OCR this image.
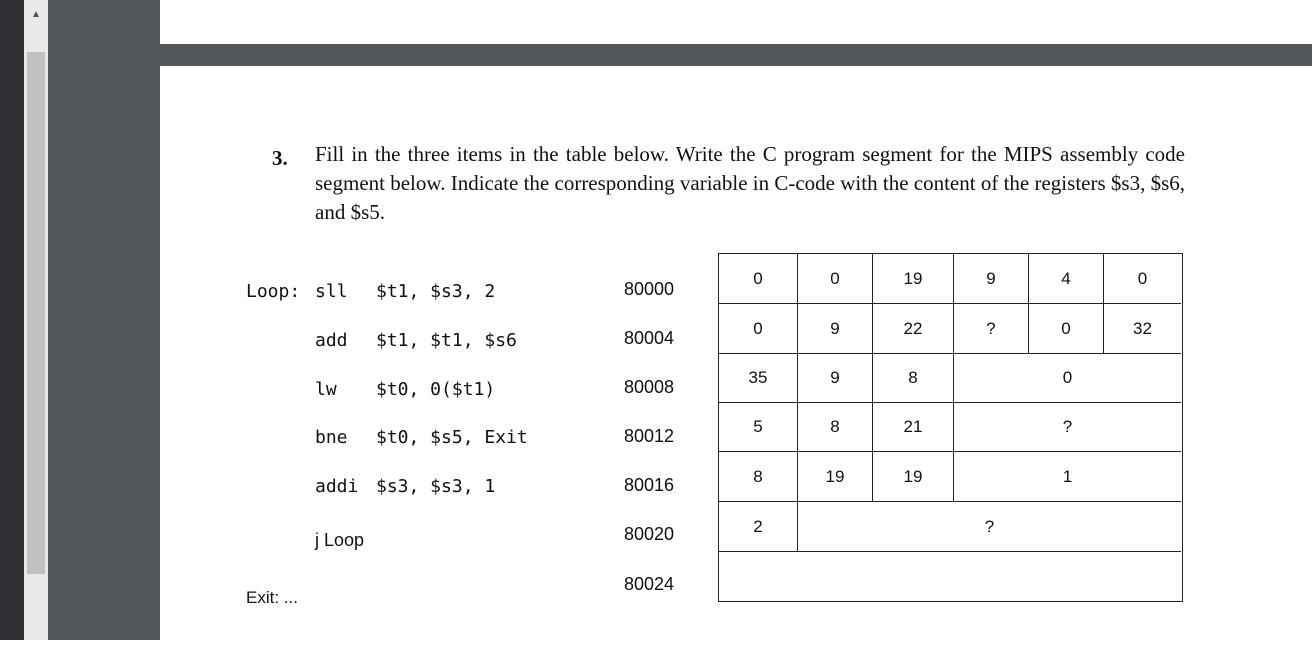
▲
3. Fill in the three items in the table below. Write the C program segment for the MIPS assembly code segment below. Indicate the corresponding variable in C-code with the content of the registers $s3, $s6, and $s5.
Loop: sll $t1, $s3, 2
add $t1, $t1, $s6
lw $t0, 0($t1)
bne $t0, $s5, Exit
addi $s3, $s3, 1
j Loop
Exit: ...
80000
80004
80008
80012
80016
80020
80024
0	0	19	9	4	0
0	9	22	?	0	32
35	9	8	0
5	8	21	?
8	19	19	1
2	?
